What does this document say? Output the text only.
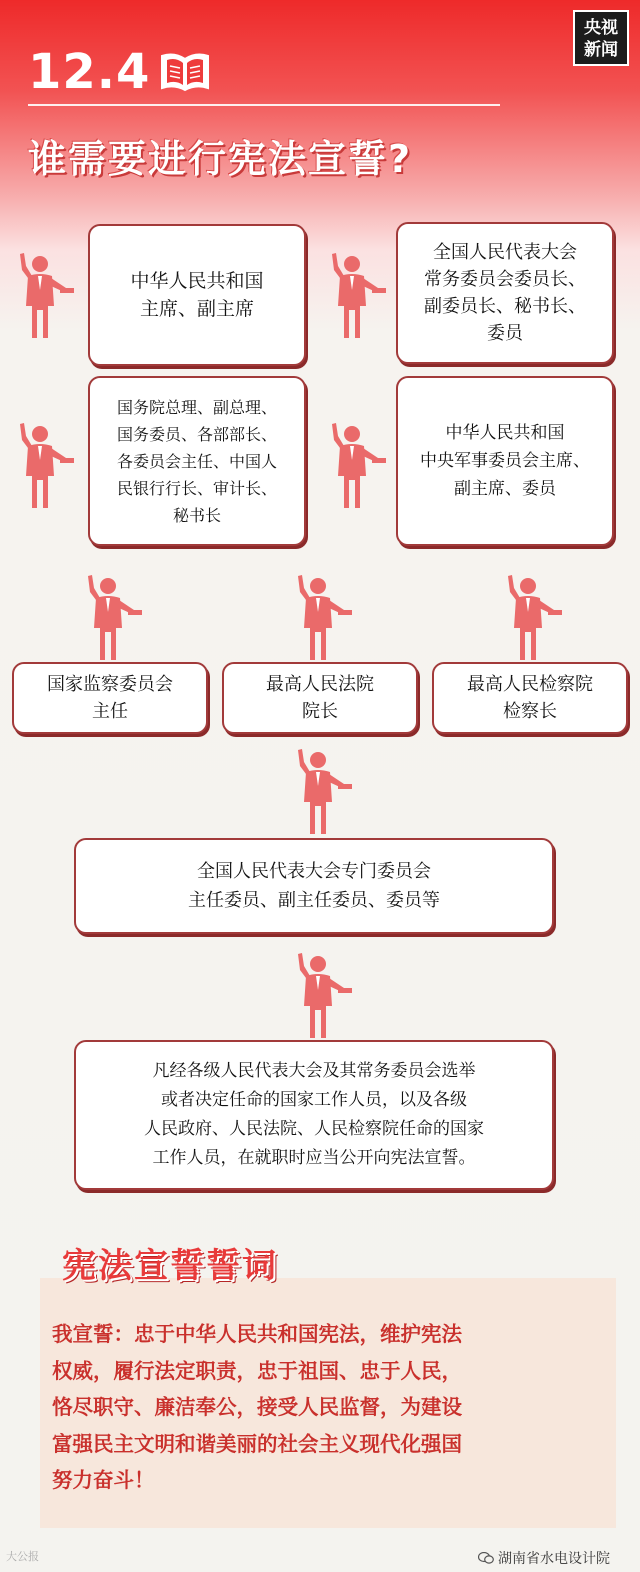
12.4
谁需要进行宪法宣誓?
央视
新闻
中华人民共和国
主席、副主席
全国人民代表大会
常务委员会委员长、
副委员长、秘书长、
委员
国务院总理、副总理、
国务委员、各部部长、
各委员会主任、中国人
民银行行长、审计长、
秘书长
中华人民共和国
中央军事委员会主席、
副主席、委员
国家监察委员会
主任
最高人民法院
院长
最高人民检察院
检察长
全国人民代表大会专门委员会
主任委员、副主任委员、委员等
凡经各级人民代表大会及其常务委员会选举
或者决定任命的国家工作人员，以及各级
人民政府、人民法院、人民检察院任命的国家
工作人员，在就职时应当公开向宪法宣誓。
宪法宣誓誓词
我宣誓：忠于中华人民共和国宪法，维护宪法
权威，履行法定职责，忠于祖国、忠于人民，
恪尽职守、廉洁奉公，接受人民监督，为建设
富强民主文明和谐美丽的社会主义现代化强国
努力奋斗！
大公报	湖南省水电设计院
